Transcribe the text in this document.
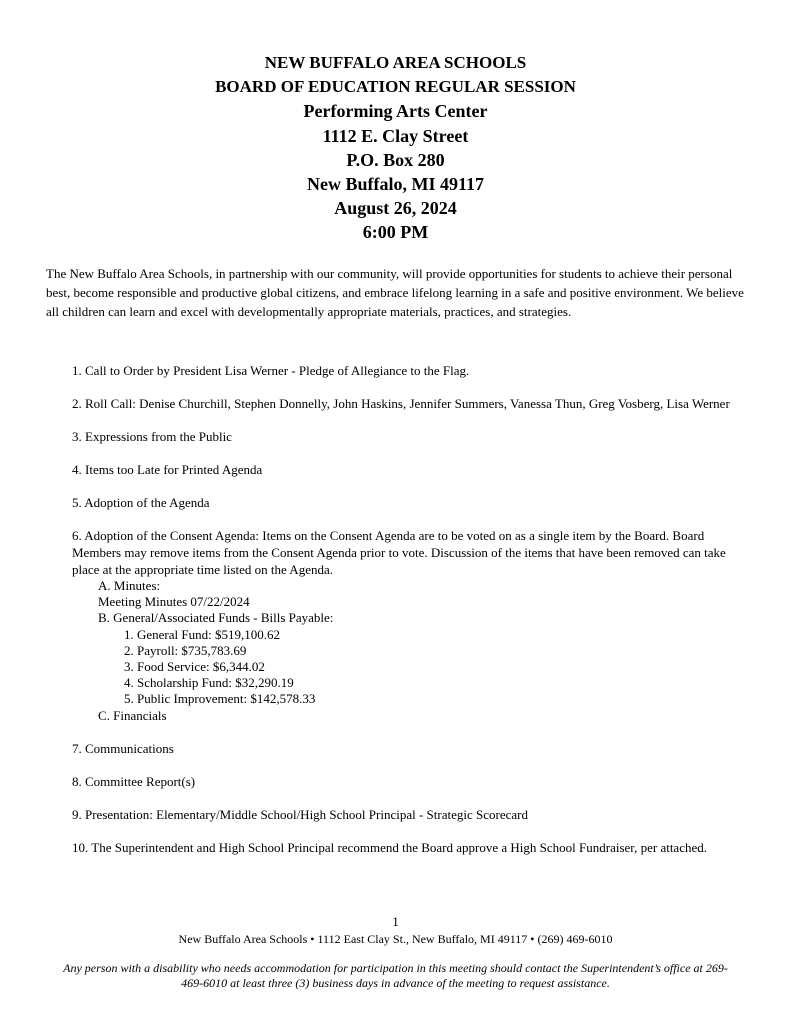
NEW BUFFALO AREA SCHOOLS
BOARD OF EDUCATION REGULAR SESSION
Performing Arts Center
1112 E. Clay Street
P.O. Box 280
New Buffalo, MI 49117
August 26, 2024
6:00 PM
The New Buffalo Area Schools, in partnership with our community, will provide opportunities for students to achieve their personal best, become responsible and productive global citizens, and embrace lifelong learning in a safe and positive environment. We believe all children can learn and excel with developmentally appropriate materials, practices, and strategies.
1. Call to Order by President Lisa Werner - Pledge of Allegiance to the Flag.
2. Roll Call: Denise Churchill, Stephen Donnelly, John Haskins, Jennifer Summers, Vanessa Thun, Greg Vosberg, Lisa Werner
3. Expressions from the Public
4. Items too Late for Printed Agenda
5. Adoption of the Agenda
6. Adoption of the Consent Agenda: Items on the Consent Agenda are to be voted on as a single item by the Board. Board Members may remove items from the Consent Agenda prior to vote. Discussion of the items that have been removed can take place at the appropriate time listed on the Agenda.
A. Minutes:
Meeting Minutes 07/22/2024
B. General/Associated Funds - Bills Payable:
1. General Fund: $519,100.62
2. Payroll: $735,783.69
3. Food Service: $6,344.02
4. Scholarship Fund: $32,290.19
5. Public Improvement: $142,578.33
C. Financials
7. Communications
8. Committee Report(s)
9. Presentation: Elementary/Middle School/High School Principal - Strategic Scorecard
10. The Superintendent and High School Principal recommend the Board approve a High School Fundraiser, per attached.
1
New Buffalo Area Schools • 1112 East Clay St., New Buffalo, MI 49117 • (269) 469-6010
Any person with a disability who needs accommodation for participation in this meeting should contact the Superintendent’s office at 269-469-6010 at least three (3) business days in advance of the meeting to request assistance.
